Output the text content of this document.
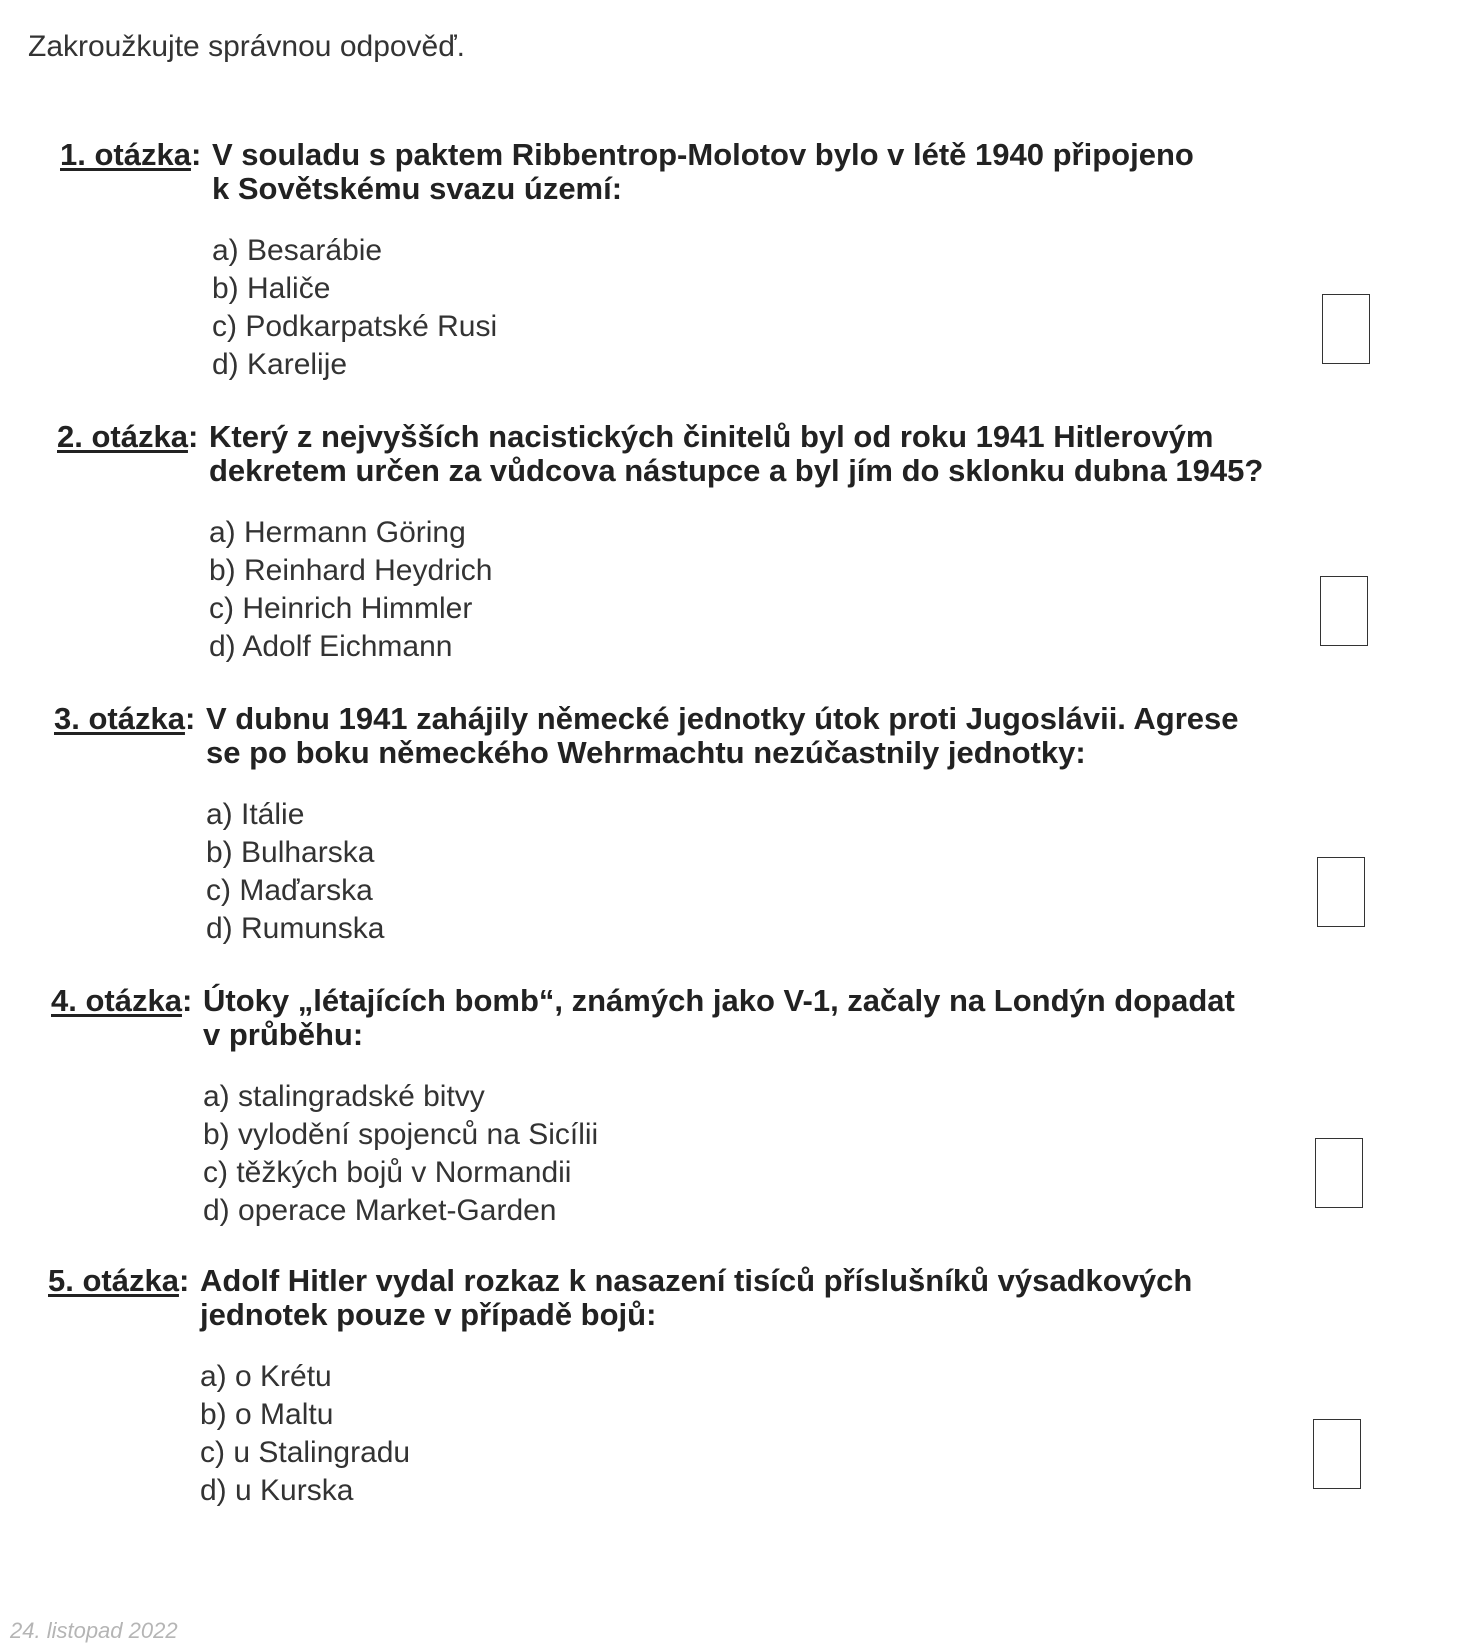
Zakroužkujte správnou odpověď.
1. otázka: V souladu s paktem Ribbentrop-Molotov bylo v létě 1940 připojeno
k Sovětskému svazu území:
a) Besarábie
b) Haliče
c) Podkarpatské Rusi
d) Karelije
2. otázka: Který z nejvyšších nacistických činitelů byl od roku 1941 Hitlerovým
dekretem určen za vůdcova nástupce a byl jím do sklonku dubna 1945?
a) Hermann Göring
b) Reinhard Heydrich
c) Heinrich Himmler
d) Adolf Eichmann
3. otázka: V dubnu 1941 zahájily německé jednotky útok proti Jugoslávii. Agrese
se po boku německého Wehrmachtu nezúčastnily jednotky:
a) Itálie
b) Bulharska
c) Maďarska
d) Rumunska
4. otázka: Útoky „létajících bomb“, známých jako V-1, začaly na Londýn dopadat
v průběhu:
a) stalingradské bitvy
b) vylodění spojenců na Sicílii
c) těžkých bojů v Normandii
d) operace Market-Garden
5. otázka: Adolf Hitler vydal rozkaz k nasazení tisíců příslušníků výsadkových
jednotek pouze v případě bojů:
a) o Krétu
b) o Maltu
c) u Stalingradu
d) u Kurska
24. listopad 2022
